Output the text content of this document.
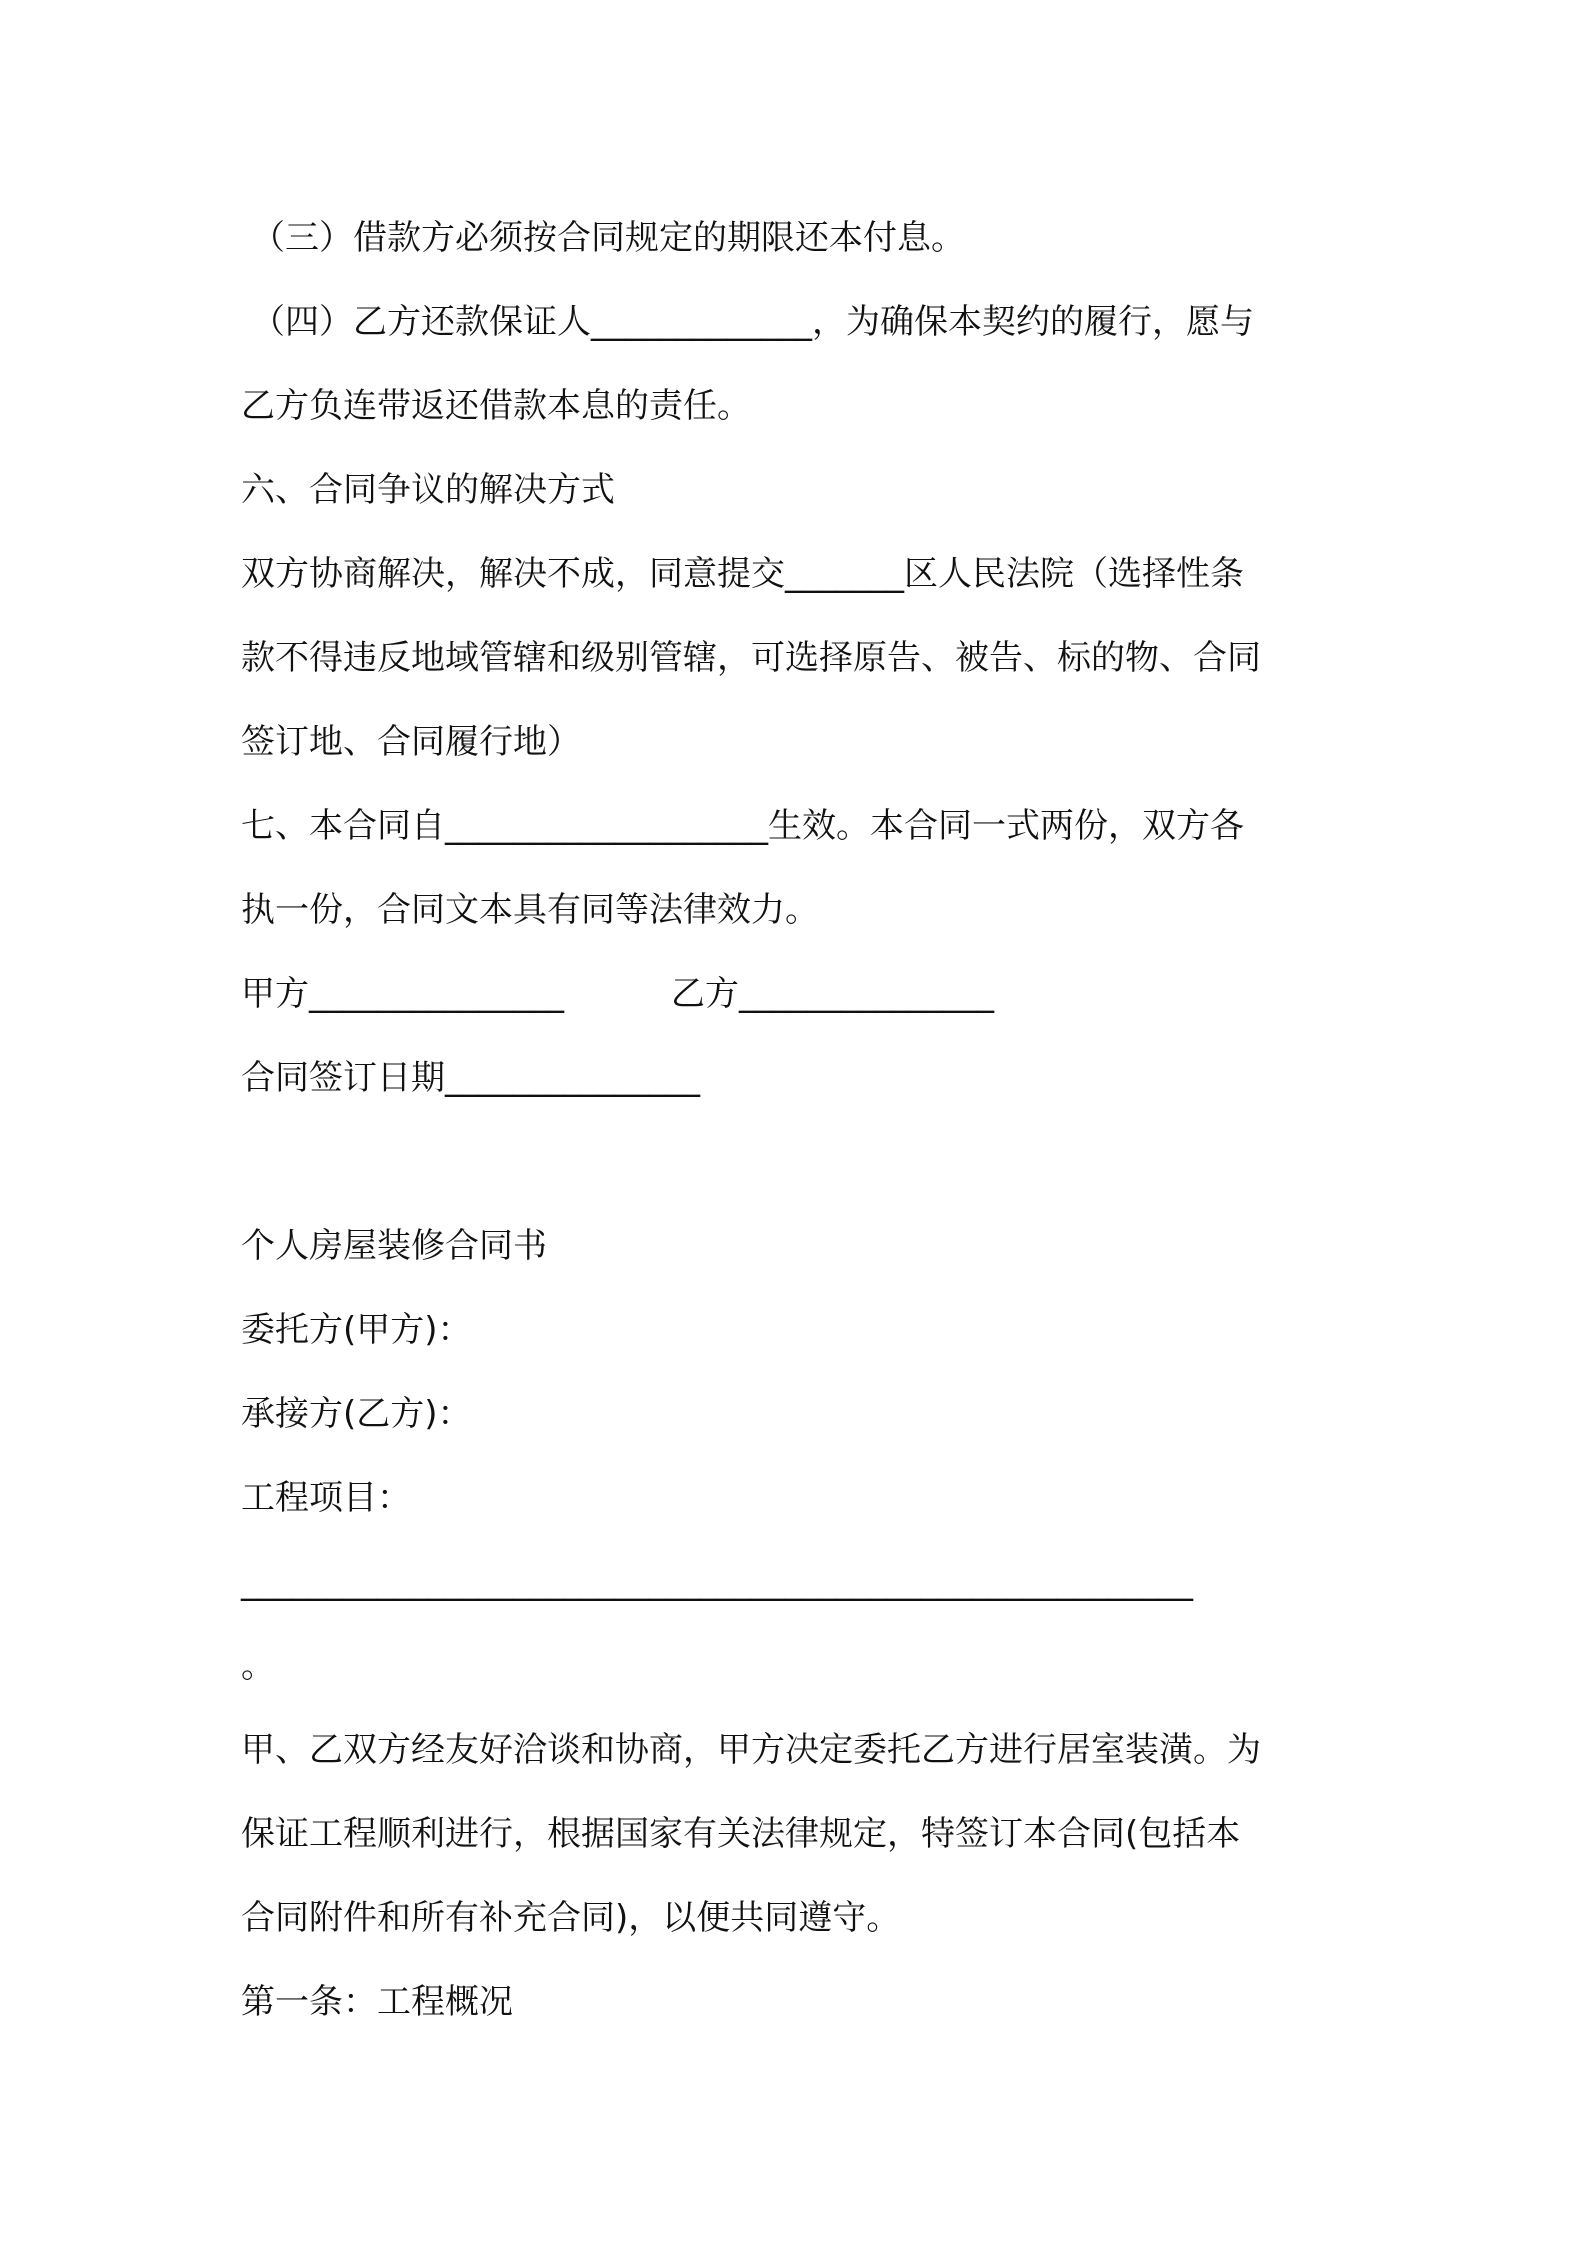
（三）借款方必须按合同规定的期限还本付息。

（四）乙方还款保证人_____________，为确保本契约的履行，愿与

乙方负连带返还借款本息的责任。

六、合同争议的解决方式

双方协商解决，解决不成，同意提交_______区人民法院（选择性条

款不得违反地域管辖和级别管辖，可选择原告、被告、标的物、合同

签订地、合同履行地）

七、本合同自___________________生效。本合同一式两份，双方各

执一份，合同文本具有同等法律效力。

甲方_______________	乙方_______________

合同签订日期_______________

个人房屋装修合同书

委托方(甲方)：

承接方(乙方)：

工程项目：

________________________________________________________

。

甲、乙双方经友好洽谈和协商，甲方决定委托乙方进行居室装潢。为

保证工程顺利进行，根据国家有关法律规定，特签订本合同(包括本

合同附件和所有补充合同)，以便共同遵守。

第一条：工程概况
